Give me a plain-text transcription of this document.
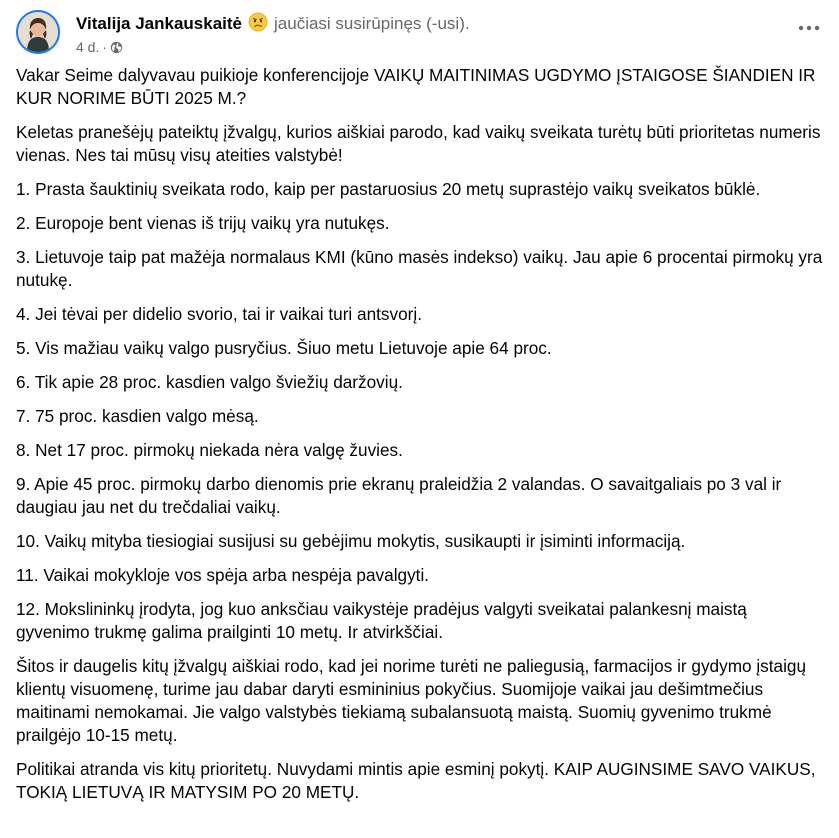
Vitalija Jankauskaitė jaučiasi susirūpinęs (-usi).
4 d. ·

Vakar Seime dalyvavau puikioje konferencijoje VAIKŲ MAITINIMAS UGDYMO ĮSTAIGOSE ŠIANDIEN IR KUR NORIME BŪTI 2025 M.?

Keletas pranešėjų pateiktų įžvalgų, kurios aiškiai parodo, kad vaikų sveikata turėtų būti prioritetas numeris vienas. Nes tai mūsų visų ateities valstybė!

1. Prasta šauktinių sveikata rodo, kaip per pastaruosius 20 metų suprastėjo vaikų sveikatos būklė.

2. Europoje bent vienas iš trijų vaikų yra nutukęs.

3. Lietuvoje taip pat mažėja normalaus KMI (kūno masės indekso) vaikų. Jau apie 6 procentai pirmokų yra nutukę.

4. Jei tėvai per didelio svorio, tai ir vaikai turi antsvorį.

5. Vis mažiau vaikų valgo pusryčius. Šiuo metu Lietuvoje apie 64 proc.

6. Tik apie 28 proc. kasdien valgo šviežių daržovių.

7. 75 proc. kasdien valgo mėsą.

8. Net 17 proc. pirmokų niekada nėra valgę žuvies.

9. Apie 45 proc. pirmokų darbo dienomis prie ekranų praleidžia 2 valandas. O savaitgaliais po 3 val ir daugiau jau net du trečdaliai vaikų.

10. Vaikų mityba tiesiogiai susijusi su gebėjimu mokytis, susikaupti ir įsiminti informaciją.

11. Vaikai mokykloje vos spėja arba nespėja pavalgyti.

12. Mokslininkų įrodyta, jog kuo anksčiau vaikystėje pradėjus valgyti sveikatai palankesnį maistą gyvenimo trukmę galima prailginti 10 metų. Ir atvirkščiai.

Šitos ir daugelis kitų įžvalgų aiškiai rodo, kad jei norime turėti ne paliegusią, farmacijos ir gydymo įstaigų klientų visuomenę, turime jau dabar daryti esmininius pokyčius. Suomijoje vaikai jau dešimtmečius maitinami nemokamai. Jie valgo valstybės tiekiamą subalansuotą maistą. Suomių gyvenimo trukmė prailgėjo 10-15 metų.

Politikai atranda vis kitų prioritetų. Nuvydami mintis apie esminį pokytį. KAIP AUGINSIME SAVO VAIKUS, TOKIĄ LIETUVĄ IR MATYSIM PO 20 METŲ.
